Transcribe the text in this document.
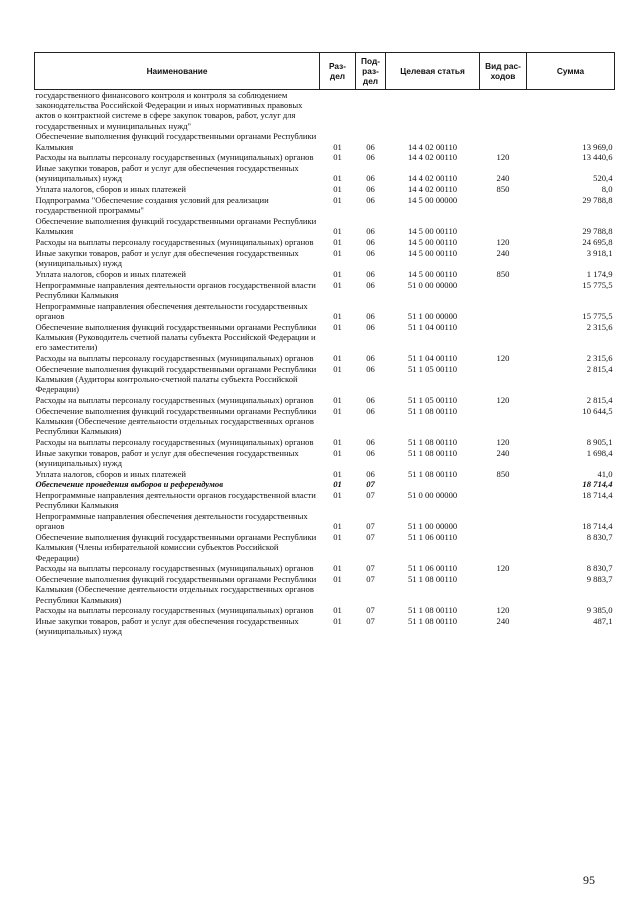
Наименование	Раз- дел	Под- раз- дел	Целевая статья	Вид рас- ходов	Сумма
государственного финансового контроля и контроля за соблюдением законодательства Российской Федерации и иных нормативных правовых актов о контрактной системе в сфере закупок товаров, работ, услуг для государственных и муниципальных нужд"					
Обеспечение выполнения функций государственными органами Республики Калмыкия	01	06	14 4 02 00110		13 969,0
Расходы на выплаты персоналу государственных (муниципальных) органов	01	06	14 4 02 00110	120	13 440,6
Иные закупки товаров, работ и услуг для обеспечения государственных (муниципальных) нужд	01	06	14 4 02 00110	240	520,4
Уплата налогов, сборов и иных платежей	01	06	14 4 02 00110	850	8,0
Подпрограмма "Обеспечение создания условий для реализации государственной программы"	01	06	14 5 00 00000		29 788,8
Обеспечение выполнения функций государственными органами Республики Калмыкия	01	06	14 5 00 00110		29 788,8
Расходы на выплаты персоналу государственных (муниципальных) органов	01	06	14 5 00 00110	120	24 695,8
Иные закупки товаров, работ и услуг для обеспечения государственных (муниципальных) нужд	01	06	14 5 00 00110	240	3 918,1
Уплата налогов, сборов и иных платежей	01	06	14 5 00 00110	850	1 174,9
Непрограммные направления деятельности органов государственной власти Республики Калмыкия	01	06	51 0 00 00000		15 775,5
Непрограммные направления обеспечения деятельности государственных органов	01	06	51 1 00 00000		15 775,5
Обеспечение выполнения функций государственными органами Республики Калмыкия (Руководитель счетной палаты субъекта Российской Федерации и его заместители)	01	06	51 1 04 00110		2 315,6
Расходы на выплаты персоналу государственных (муниципальных) органов	01	06	51 1 04 00110	120	2 315,6
Обеспечение выполнения функций государственными органами Республики Калмыкия (Аудиторы контрольно-счетной палаты субъекта Российской Федерации)	01	06	51 1 05 00110		2 815,4
Расходы на выплаты персоналу государственных (муниципальных) органов	01	06	51 1 05 00110	120	2 815,4
Обеспечение выполнения функций государственными органами Республики Калмыкия (Обеспечение деятельности отдельных государственных органов Республики Калмыкия)	01	06	51 1 08 00110		10 644,5
Расходы на выплаты персоналу государственных (муниципальных) органов	01	06	51 1 08 00110	120	8 905,1
Иные закупки товаров, работ и услуг для обеспечения государственных (муниципальных) нужд	01	06	51 1 08 00110	240	1 698,4
Уплата налогов, сборов и иных платежей	01	06	51 1 08 00110	850	41,0
Обеспечение проведения выборов и референдумов	01	07			18 714,4
Непрограммные направления деятельности органов государственной власти Республики Калмыкия	01	07	51 0 00 00000		18 714,4
Непрограммные направления обеспечения деятельности государственных органов	01	07	51 1 00 00000		18 714,4
Обеспечение выполнения функций государственными органами Республики Калмыкия (Члены избирательной комиссии субъектов Российской Федерации)	01	07	51 1 06 00110		8 830,7
Расходы на выплаты персоналу государственных (муниципальных) органов	01	07	51 1 06 00110	120	8 830,7
Обеспечение выполнения функций государственными органами Республики Калмыкия (Обеспечение деятельности отдельных государственных органов Республики Калмыкия)	01	07	51 1 08 00110		9 883,7
Расходы на выплаты персоналу государственных (муниципальных) органов	01	07	51 1 08 00110	120	9 385,0
Иные закупки товаров, работ и услуг для обеспечения государственных (муниципальных) нужд	01	07	51 1 08 00110	240	487,1
95
